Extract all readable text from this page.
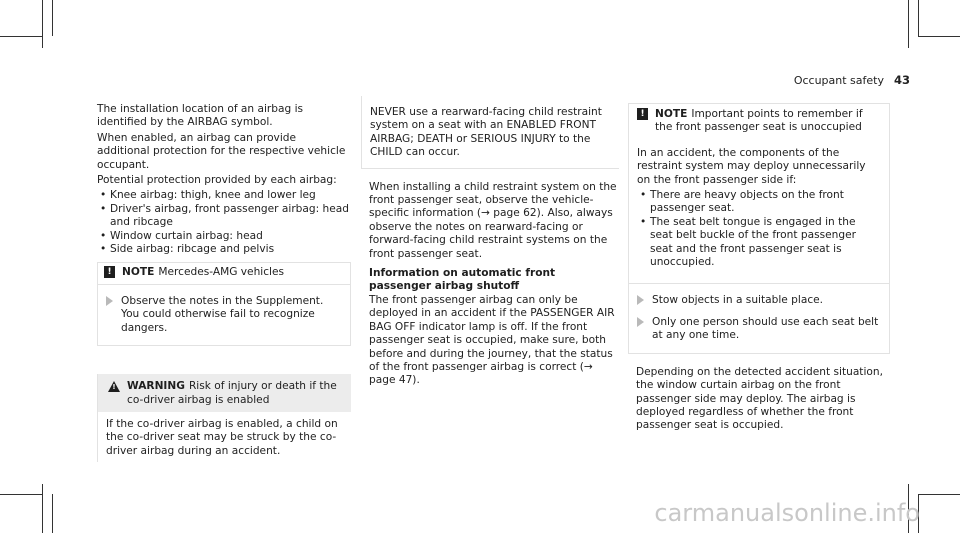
Occupant safety 43

The installation location of an airbag is identified by the AIRBAG symbol.

When enabled, an airbag can provide additional protection for the respective vehicle occupant.

Potential protection provided by each airbag:

• Knee airbag: thigh, knee and lower leg
• Driver's airbag, front passenger airbag: head and ribcage
• Window curtain airbag: head
• Side airbag: ribcage and pelvis
! NOTE Mercedes-AMG vehicles
Observe the notes in the Supplement. You could otherwise fail to recognize dangers.
! WARNING Risk of injury or death if the co-driver airbag is enabled
If the co-driver airbag is enabled, a child on the co-driver seat may be struck by the co-driver airbag during an accident.
NEVER use a rearward-facing child restraint system on a seat with an ENABLED FRONT AIRBAG; DEATH or SERIOUS INJURY to the CHILD can occur.

When installing a child restraint system on the front passenger seat, observe the vehicle-specific information (→ page 62). Also, always observe the notes on rearward-facing or forward-facing child restraint systems on the front passenger seat.

Information on automatic front passenger airbag shutoff

The front passenger airbag can only be deployed in an accident if the PASSENGER AIR BAG OFF indicator lamp is off. If the front passenger seat is occupied, make sure, both before and during the journey, that the status of the front passenger airbag is correct (→ page 47).

! NOTE Important points to remember if the front passenger seat is unoccupied

In an accident, the components of the restraint system may deploy unnecessarily on the front passenger side if:

• There are heavy objects on the front passenger seat.
• The seat belt tongue is engaged in the seat belt buckle of the front passenger seat and the front passenger seat is unoccupied.
Stow objects in a suitable place.
Only one person should use each seat belt at any one time.

Depending on the detected accident situation, the window curtain airbag on the front passenger side may deploy. The airbag is deployed regardless of whether the front passenger seat is occupied.

carmanualsonline.info
